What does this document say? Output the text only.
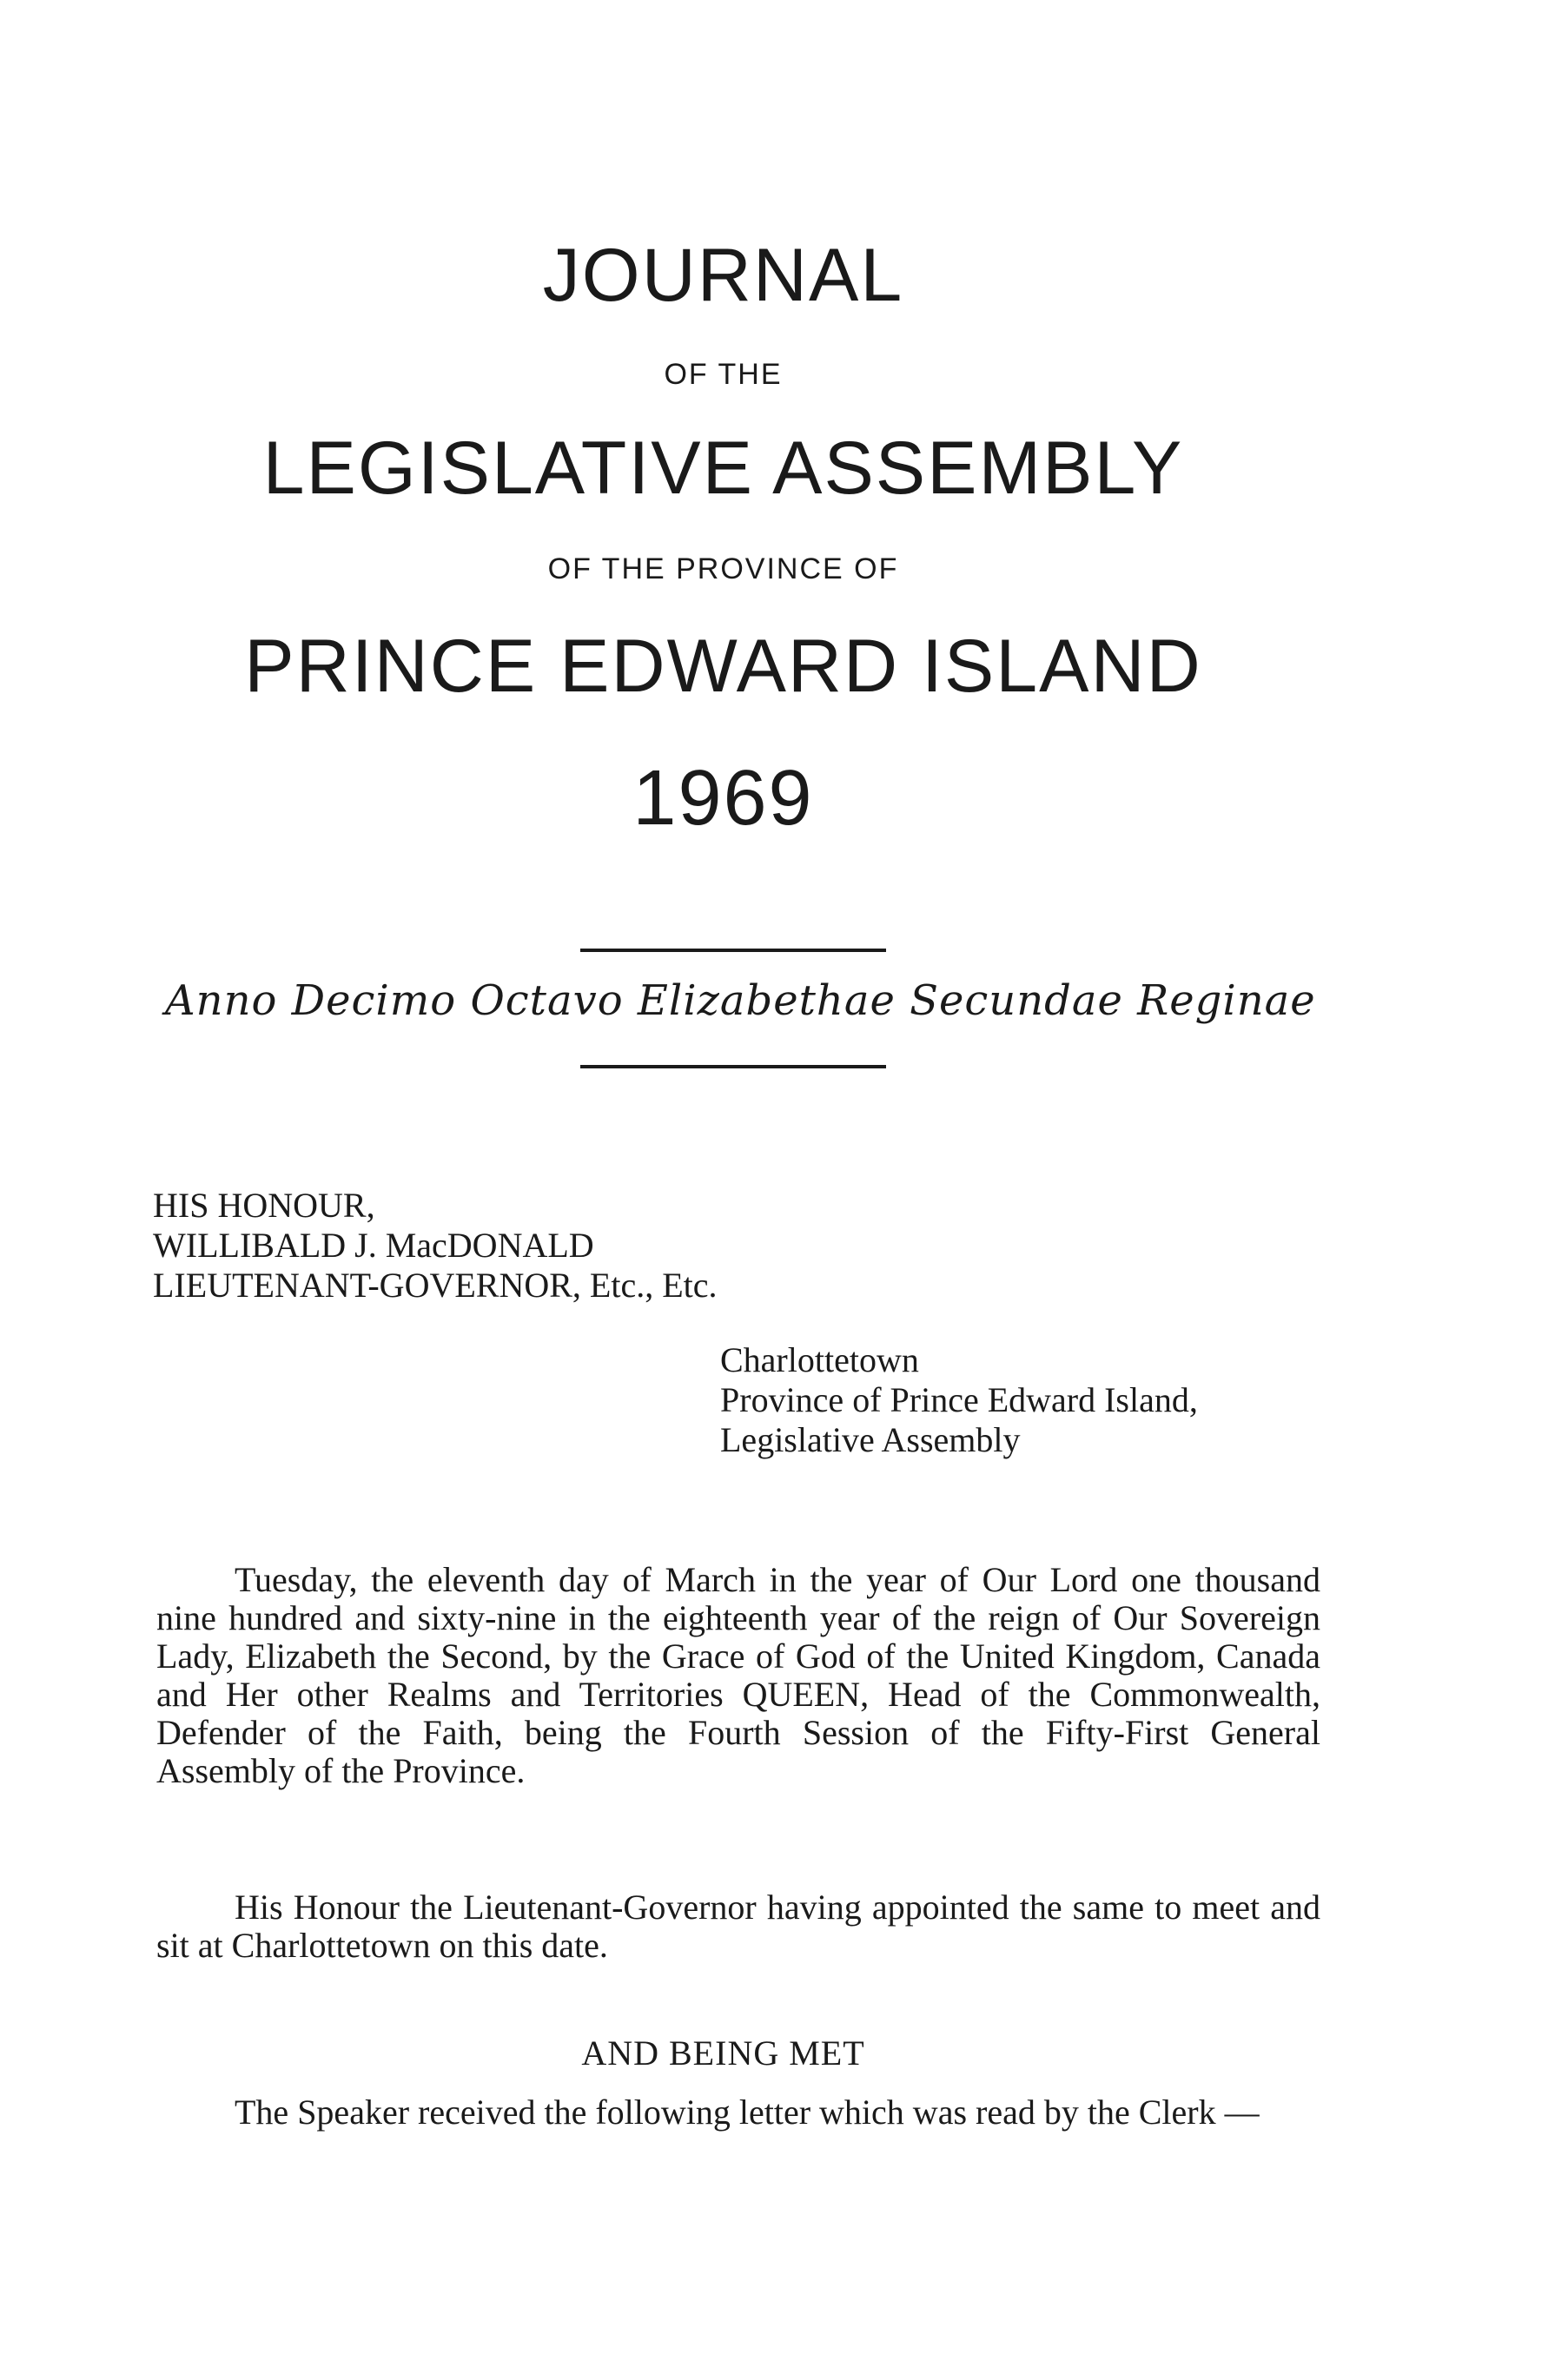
JOURNAL
OF THE
LEGISLATIVE ASSEMBLY
OF THE PROVINCE OF
PRINCE EDWARD ISLAND
1969
Anno Decimo Octavo Elizabethae Secundae Reginae
HIS HONOUR,
WILLIBALD J. MacDONALD
LIEUTENANT-GOVERNOR, Etc., Etc.
Charlottetown
Province of Prince Edward Island,
Legislative Assembly
Tuesday, the eleventh day of March in the year of Our Lord one thousand nine hundred and sixty-nine in the eighteenth year of the reign of Our Sovereign Lady, Elizabeth the Second, by the Grace of God of the United Kingdom, Canada and Her other Realms and Territories QUEEN, Head of the Commonwealth, Defender of the Faith, being the Fourth Session of the Fifty-First General Assembly of the Province.
His Honour the Lieutenant-Governor having appointed the same to meet and sit at Charlottetown on this date.
AND BEING MET
The Speaker received the following letter which was read by the Clerk —
